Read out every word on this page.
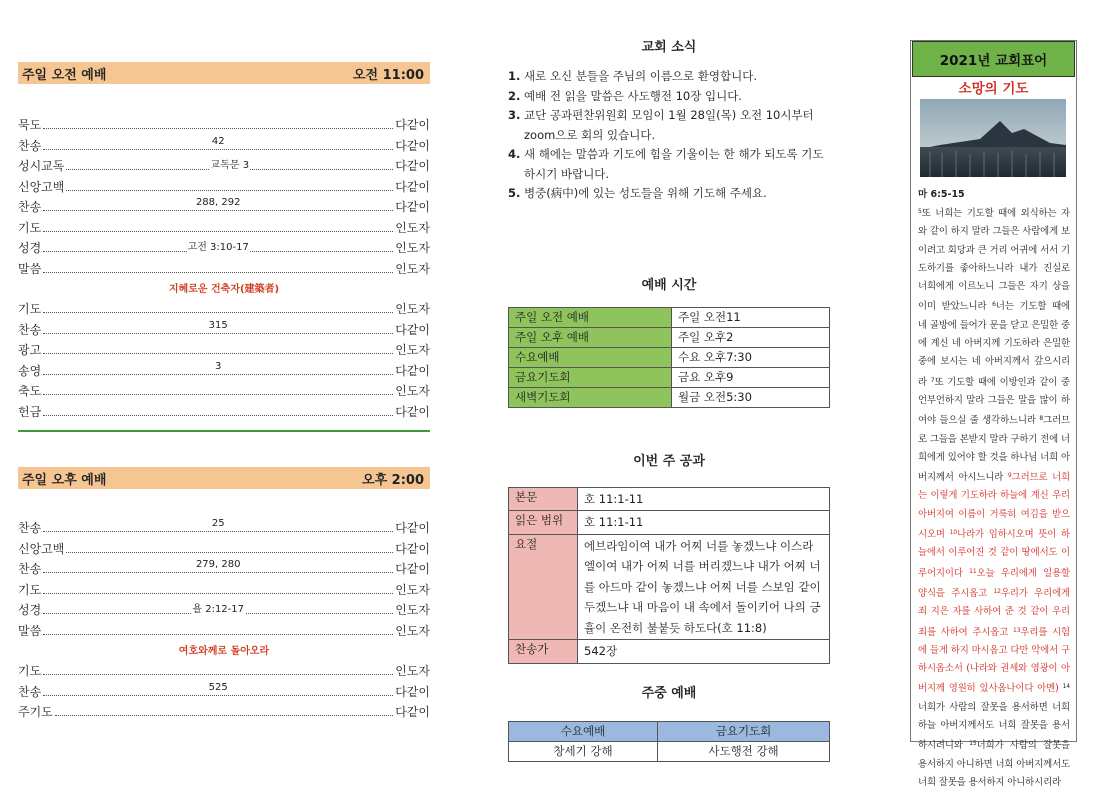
주일 오전 예배	오전 11:00
묵도	다같이
찬송	42	다같이
성시교독	교독문 3	다같이
신앙고백	다같이
찬송	288, 292	다같이
기도	인도자
성경	고전 3:10-17	인도자
말씀	인도자
지혜로운 건축자(建築者)
기도	인도자
찬송	315	다같이
광고	인도자
송영	3	다같이
축도	인도자
헌금	다같이
주일 오후 예배	오후 2:00
찬송	25	다같이
신앙고백	다같이
찬송	279, 280	다같이
기도	인도자
성경	욜 2:12-17	인도자
말씀	인도자
여호와께로 돌아오라
기도	인도자
찬송	525	다같이
주기도	다같이
교회 소식
1. 새로 오신 분들을 주님의 이름으로 환영합니다.
2. 예배 전 읽을 말씀은 사도행전 10장 입니다.
3. 교단 공과편찬위원회 모임이 1월 28일(목) 오전 10시부터 zoom으로 회의 있습니다.
4. 새 해에는 말씀과 기도에 힘을 기울이는 한 해가 되도록 기도하시기 바랍니다.
5. 병중(病中)에 있는 성도들을 위해 기도해 주세요.
예배 시간
주일 오전 예배	주일 오전11
주일 오후 예배	주일 오후2
수요예배	수요 오후7:30
금요기도회	금요 오후9
새벽기도회	월금 오전5:30
이번 주 공과
본문	호 11:1-11
읽은 범위	호 11:1-11
요절	에브라임이여 내가 어찌 너를 놓겠느냐 이스라엘이여 내가 어찌 너를 버리겠느냐 내가 어찌 너를 아드마 같이 놓겠느냐 어찌 너를 스보임 같이 두겠느냐 내 마음이 내 속에서 돌이키어 나의 긍휼이 온전히 불붙듯 하도다(호 11:8)
찬송가	542장
주중 예배
수요예배	금요기도회
창세기 강해	사도행전 강해
2021년 교회표어
소망의 기도
마 6:5-15
$^5$또 너희는 기도할 때에 외식하는 자와 같이 하지 말라 그들은 사람에게 보이려고 회당과 큰 거리 어귀에 서서 기도하기를 좋아하느니라 내가 진실로 너희에게 이르노니 그들은 자기 상을 이미 받았느니라 $^6$너는 기도할 때에 네 골방에 들어가 문을 닫고 은밀한 중에 계신 네 아버지께 기도하라 은밀한 중에 보시는 네 아버지께서 갚으시리라 $^7$또 기도할 때에 이방인과 같이 중언부언하지 말라 그들은 말을 많이 하여야 들으실 줄 생각하느니라 $^8$그러므로 그들을 본받지 말라 구하기 전에 너희에게 있어야 할 것을 하나님 너희 아버지께서 아시느니라 $^9$그러므로 너희는 이렇게 기도하라 하늘에 계신 우리 아버지여 이름이 거룩히 여김을 받으시오며 $^{10}$나라가 임하시오며 뜻이 하늘에서 이루어진 것 같이 땅에서도 이루어지이다 $^{11}$오늘 우리에게 일용할 양식을 주시옵고 $^{12}$우리가 우리에게 죄 지은 자를 사하여 준 것 같이 우리 죄를 사하여 주시옵고 $^{13}$우리를 시험에 들게 하지 마시옵고 다만 악에서 구하시옵소서 (나라와 권세와 영광이 아버지께 영원히 있사옵나이다 아멘) $^{14}$너희가 사람의 잘못을 용서하면 너희 하늘 아버지께서도 너희 잘못을 용서하시려니와 $^{15}$너희가 사람의 잘못을 용서하지 아니하면 너희 아버지께서도 너희 잘못을 용서하지 아니하시리라
